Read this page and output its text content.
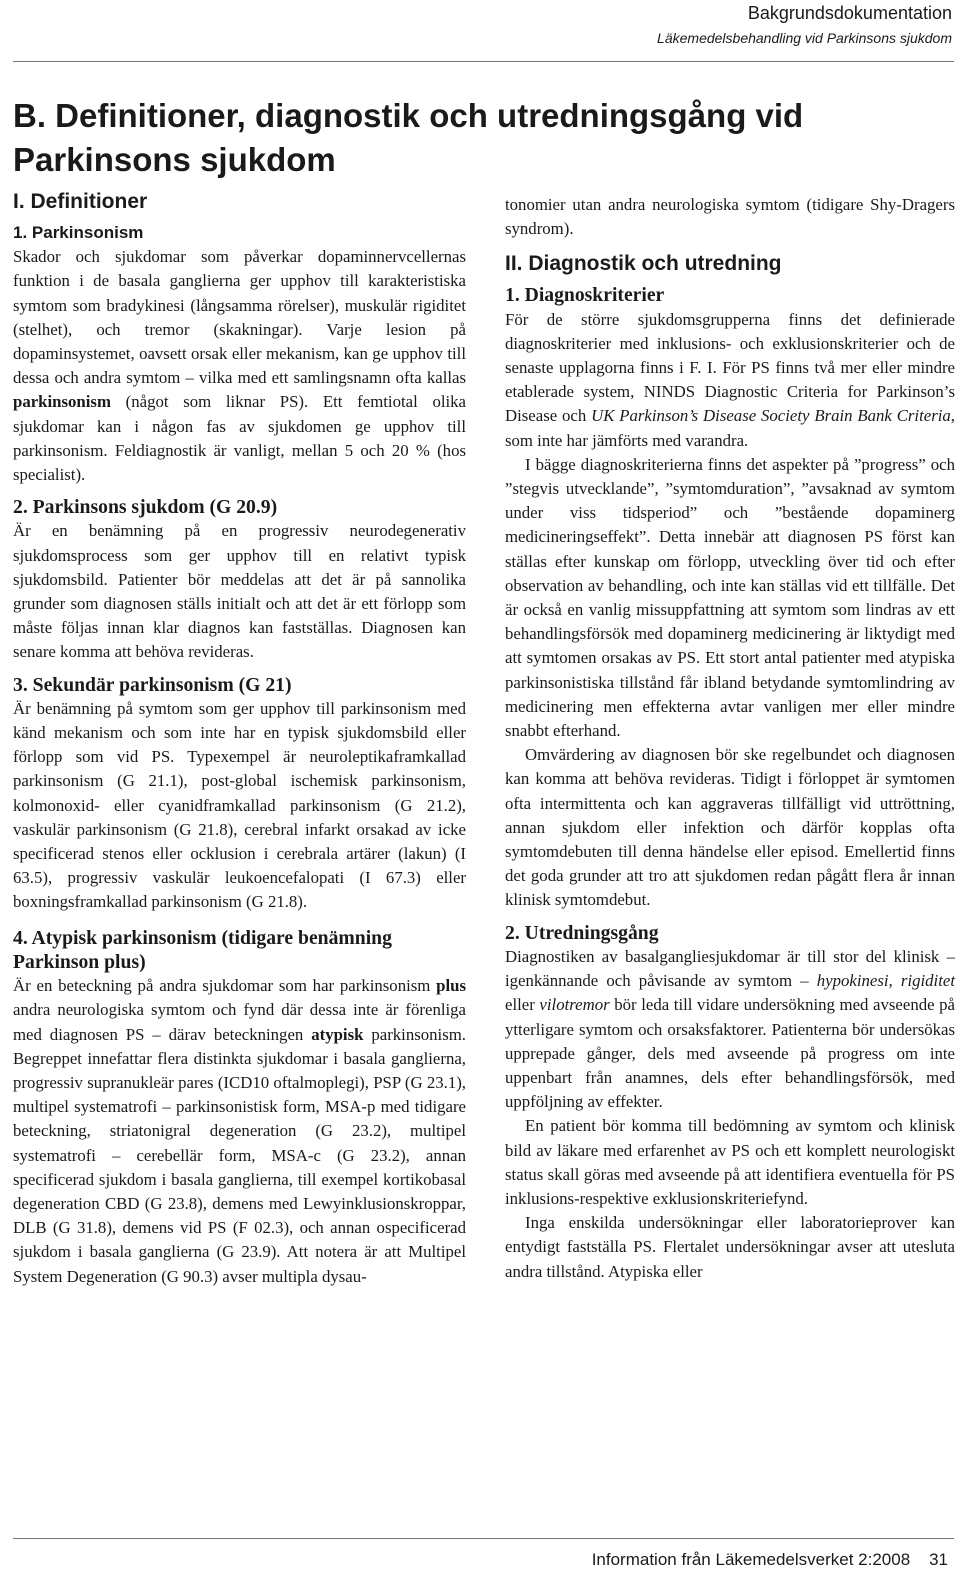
Bakgrundsdokumentation
Läkemedelsbehandling vid Parkinsons sjukdom
B. Definitioner, diagnostik och utredningsgång vid Parkinsons sjukdom
I. Definitioner
1. Parkinsonism

Skador och sjukdomar som påverkar dopaminnervcellernas funktion i de basala ganglierna ger upphov till karakteristiska symtom som bradykinesi (långsamma rörelser), muskulär rigiditet (stelhet), och tremor (skakningar). Varje lesion på dopaminsystemet, oavsett orsak eller mekanism, kan ge upphov till dessa och andra symtom – vilka med ett samlingsnamn ofta kallas parkinsonism (något som liknar PS). Ett femtiotal olika sjukdomar kan i någon fas av sjukdomen ge upphov till parkinsonism. Feldiagnostik är vanligt, mellan 5 och 20 % (hos specialist).

2. Parkinsons sjukdom (G 20.9)

Är en benämning på en progressiv neurodegenerativ sjukdomsprocess som ger upphov till en relativt typisk sjukdomsbild. Patienter bör meddelas att det är på sannolika grunder som diagnosen ställs initialt och att det är ett förlopp som måste följas innan klar diagnos kan fastställas. Diagnosen kan senare komma att behöva revideras.

3. Sekundär parkinsonism (G 21)

Är benämning på symtom som ger upphov till parkinsonism med känd mekanism och som inte har en typisk sjukdomsbild eller förlopp som vid PS. Typexempel är neuroleptikaframkallad parkinsonism (G 21.1), post-global ischemisk parkinsonism, kolmonoxid- eller cyanidframkallad parkinsonism (G 21.2), vaskulär parkinsonism (G 21.8), cerebral infarkt orsakad av icke specificerad stenos eller ocklusion i cerebrala artärer (lakun) (I 63.5), progressiv vaskulär leukoencefalopati (I 67.3) eller boxningsframkallad parkinsonism (G 21.8).

4. Atypisk parkinsonism (tidigare benämning Parkinson plus)

Är en beteckning på andra sjukdomar som har parkinsonism plus andra neurologiska symtom och fynd där dessa inte är förenliga med diagnosen PS – därav beteckningen atypisk parkinsonism. Begreppet innefattar flera distinkta sjukdomar i basala ganglierna, progressiv supranukleär pares (ICD10 oftalmoplegi), PSP (G 23.1), multipel systematrofi – parkinsonistisk form, MSA-p med tidigare beteckning, striatonigral degeneration (G 23.2), multipel systematrofi – cerebellär form, MSA-c (G 23.2), annan specificerad sjukdom i basala ganglierna, till exempel kortikobasal degeneration CBD (G 23.8), demens med Lewyinklusionskroppar, DLB (G 31.8), demens vid PS (F 02.3), och annan ospecificerad sjukdom i basala ganglierna (G 23.9). Att notera är att Multipel System Degeneration (G 90.3) avser multipla dysau-

tonomier utan andra neurologiska symtom (tidigare Shy-Dragers syndrom).

II. Diagnostik och utredning
1. Diagnoskriterier

För de större sjukdomsgrupperna finns det definierade diagnoskriterier med inklusions- och exklusionskriterier och de senaste upplagorna finns i F. I. För PS finns två mer eller mindre etablerade system, NINDS Diagnostic Criteria for Parkinson’s Disease och UK Parkinson’s Disease Society Brain Bank Criteria, som inte har jämförts med varandra.

I bägge diagnoskriterierna finns det aspekter på ”progress” och ”stegvis utvecklande”, ”symtomduration”, ”avsaknad av symtom under viss tidsperiod” och ”bestående dopaminerg medicineringseffekt”. Detta innebär att diagnosen PS först kan ställas efter kunskap om förlopp, utveckling över tid och efter observation av behandling, och inte kan ställas vid ett tillfälle. Det är också en vanlig missuppfattning att symtom som lindras av ett behandlingsförsök med dopaminerg medicinering är liktydigt med att symtomen orsakas av PS. Ett stort antal patienter med atypiska parkinsonistiska tillstånd får ibland betydande symtomlindring av medicinering men effekterna avtar vanligen mer eller mindre snabbt efterhand.

Omvärdering av diagnosen bör ske regelbundet och diagnosen kan komma att behöva revideras. Tidigt i förloppet är symtomen ofta intermittenta och kan aggraveras tillfälligt vid uttröttning, annan sjukdom eller infektion och därför kopplas ofta symtomdebuten till denna händelse eller episod. Emellertid finns det goda grunder att tro att sjukdomen redan pågått flera år innan klinisk symtomdebut.

2. Utredningsgång

Diagnostiken av basalgangliesjukdomar är till stor del klinisk – igenkännande och påvisande av symtom – hypokinesi, rigiditet eller vilotremor bör leda till vidare undersökning med avseende på ytterligare symtom och orsaksfaktorer. Patienterna bör undersökas upprepade gånger, dels med avseende på progress om inte uppenbart från anamnes, dels efter behandlingsförsök, med uppföljning av effekter.

En patient bör komma till bedömning av symtom och klinisk bild av läkare med erfarenhet av PS och ett komplett neurologiskt status skall göras med avseende på att identifiera eventuella för PS inklusions-respektive exklusionskriteriefynd.

Inga enskilda undersökningar eller laboratorieprover kan entydigt fastställa PS. Flertalet undersökningar avser att utesluta andra tillstånd. Atypiska eller

Information från Läkemedelsverket 2:2008 31
